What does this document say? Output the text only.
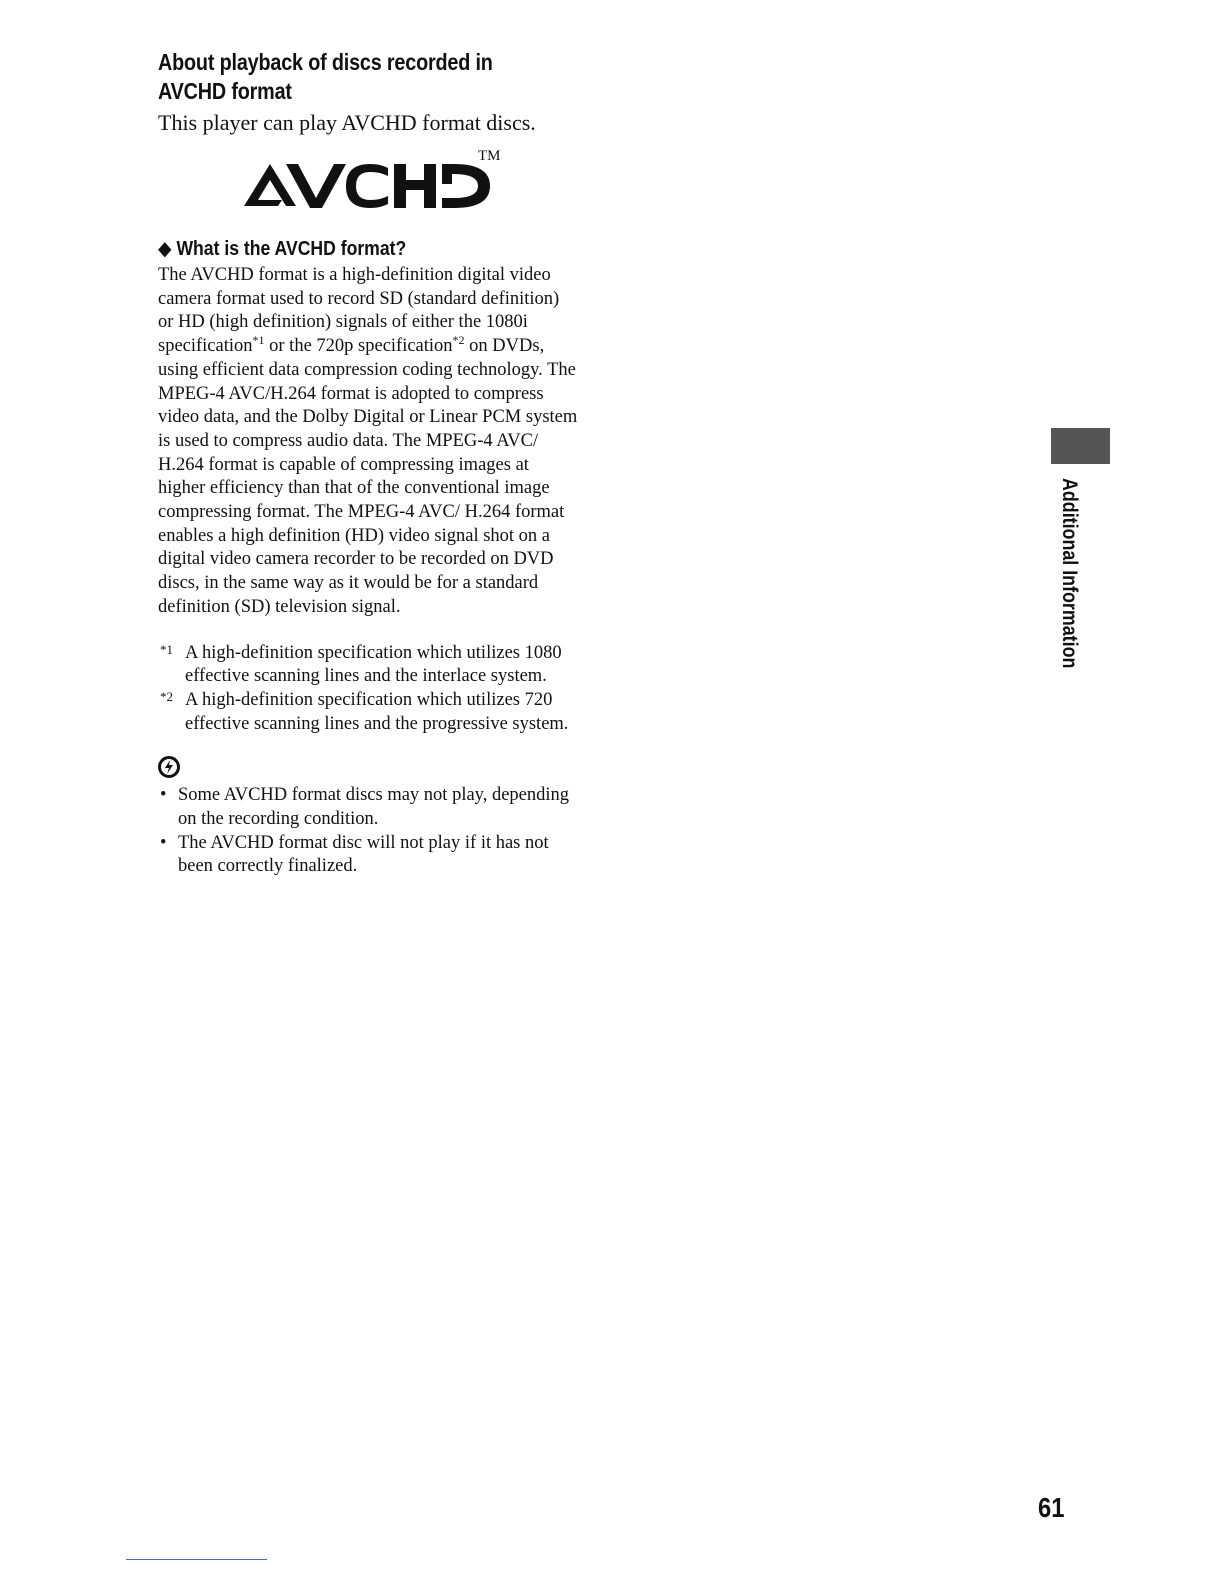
About playback of discs recorded in AVCHD format

This player can play AVCHD format discs.

TM
◆ What is the AVCHD format?

The AVCHD format is a high-definition digital video camera format used to record SD (standard definition) or HD (high definition) signals of either the 1080i specification$^{*1}$ or the 720p specification$^{*2}$ on DVDs, using efficient data compression coding technology. The MPEG-4 AVC/H.264 format is adopted to compress video data, and the Dolby Digital or Linear PCM system is used to compress audio data. The MPEG-4 AVC/ H.264 format is capable of compressing images at higher efficiency than that of the conventional image compressing format. The MPEG-4 AVC/ H.264 format enables a high definition (HD) video signal shot on a digital video camera recorder to be recorded on DVD discs, in the same way as it would be for a standard definition (SD) television signal.

*1 A high-definition specification which utilizes 1080 effective scanning lines and the interlace system.
*2 A high-definition specification which utilizes 720 effective scanning lines and the progressive system.
• Some AVCHD format discs may not play, depending on the recording condition.
• The AVCHD format disc will not play if it has not been correctly finalized.
Additional Information
61
